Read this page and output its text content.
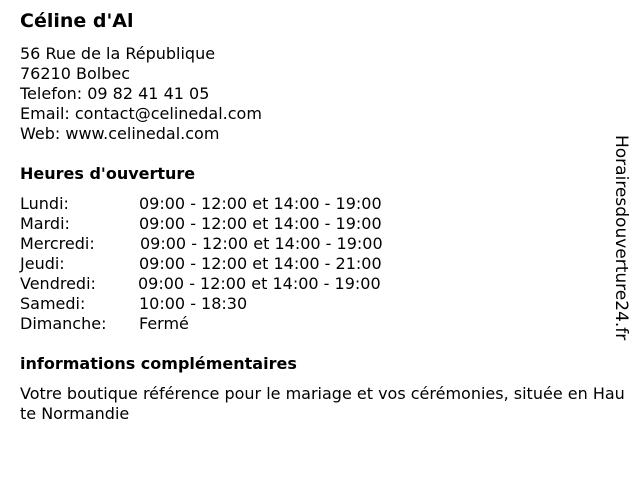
Céline d'Al
56 Rue de la République
76210 Bolbec
Telefon: 09 82 41 41 05
Email: contact@celinedal.com
Web: www.celinedal.com
Heures d'ouverture
Lundi:	09:00 - 12:00 et 14:00 - 19:00
Mardi:	09:00 - 12:00 et 14:00 - 19:00
Mercredi:	09:00 - 12:00 et 14:00 - 19:00
Jeudi:	09:00 - 12:00 et 14:00 - 21:00
Vendredi:	09:00 - 12:00 et 14:00 - 19:00
Samedi:	10:00 - 18:30
Dimanche: Fermé
informations complémentaires
Votre boutique référence pour le mariage et vos cérémonies, située en Haute Normandie
Horairesdouverture24.fr
